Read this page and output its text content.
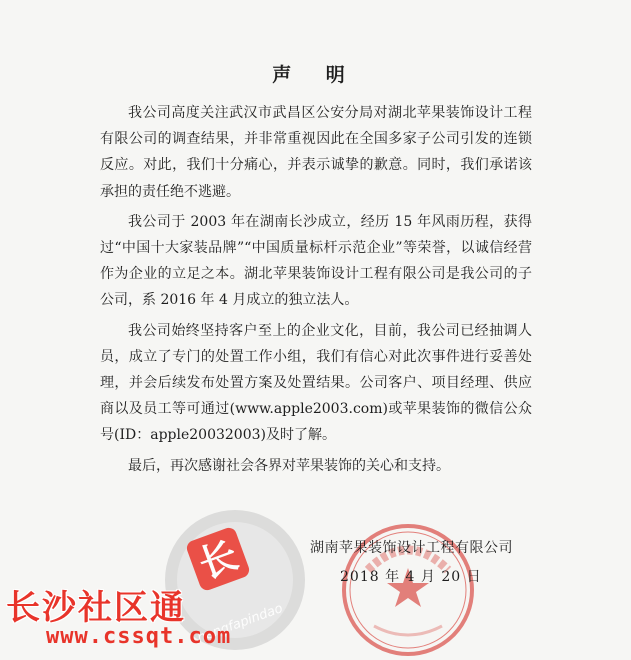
声 明

我公司高度关注武汉市武昌区公安分局对湖北苹果装饰设计工程有限公司的调查结果，并非常重视因此在全国多家子公司引发的连锁反应。对此，我们十分痛心，并表示诚挚的歉意。同时，我们承诺该承担的责任绝不逃避。

我公司于 2003 年在湖南长沙成立，经历 15 年风雨历程，获得过“中国十大家装品牌”“中国质量标杆示范企业”等荣誉，以诚信经营作为企业的立足之本。湖北苹果装饰设计工程有限公司是我公司的子公司，系 2016 年 4 月成立的独立法人。

我公司始终坚持客户至上的企业文化，目前，我公司已经抽调人员，成立了专门的处置工作小组，我们有信心对此次事件进行妥善处理，并会后续发布处置方案及处置结果。公司客户、项目经理、供应商以及员工等可通过(www.apple2003.com)或苹果装饰的微信公众号(ID：apple20032003)及时了解。

最后，再次感谢社会各界对苹果装饰的关心和支持。

湖南苹果装饰设计工程有限公司
2018 年 4 月 20 日
长
hengfapindao
长沙社区通
www.cssqt.com
